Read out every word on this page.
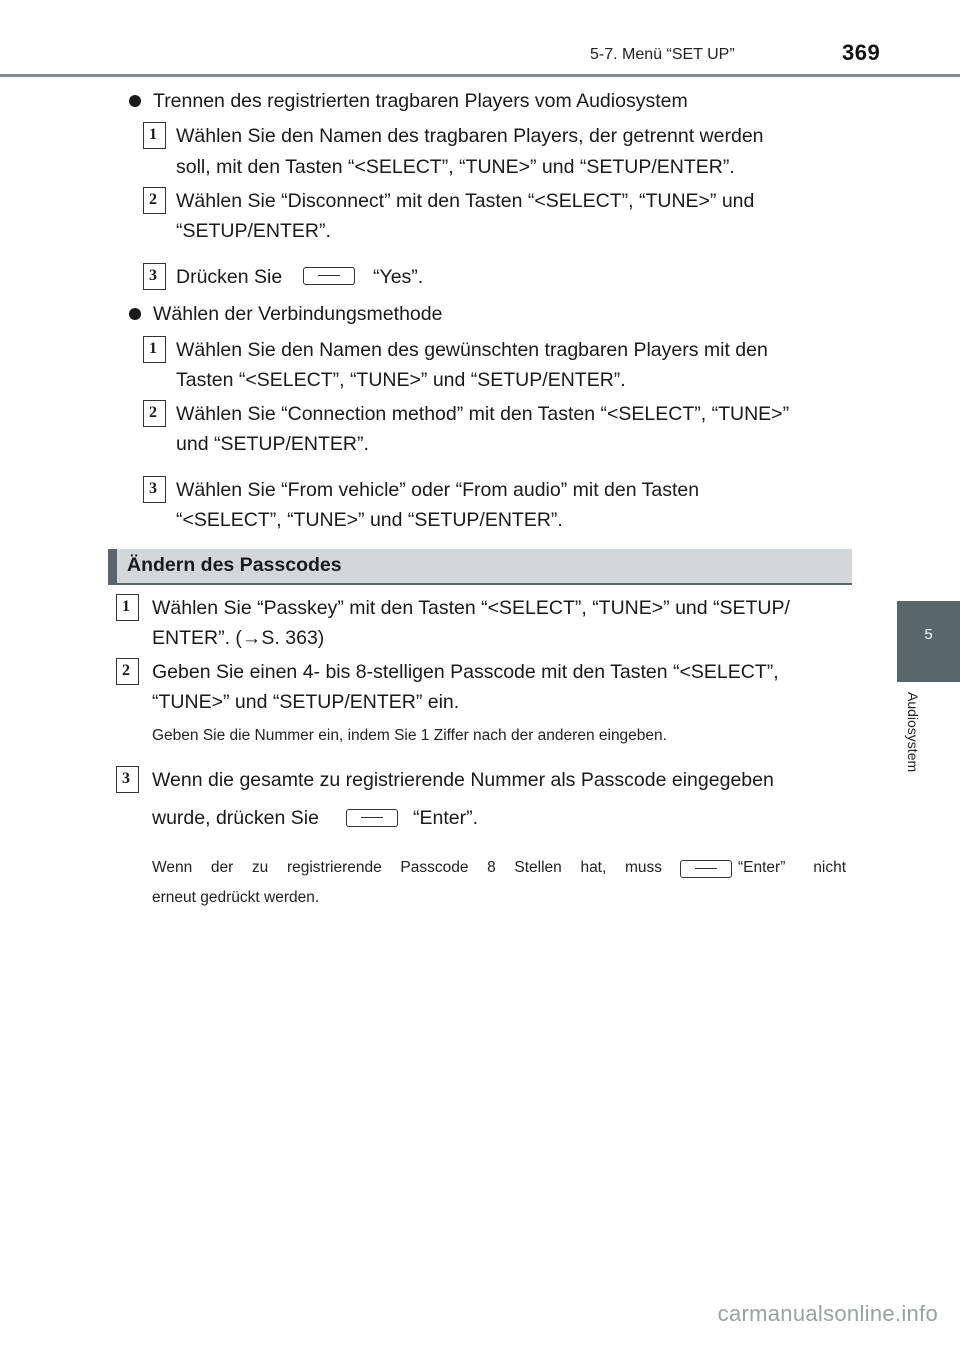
5-7. Menü “SET UP”	369
5
Audiosystem
Trennen des registrierten tragbaren Players vom Audiosystem
1 Wählen Sie den Namen des tragbaren Players, der getrennt werden
soll, mit den Tasten “<SELECT”, “TUNE>” und “SETUP/ENTER”.
2 Wählen Sie “Disconnect” mit den Tasten “<SELECT”, “TUNE>” und
“SETUP/ENTER”.
3 Drücken Sie	“Yes”.
Wählen der Verbindungsmethode
1 Wählen Sie den Namen des gewünschten tragbaren Players mit den
Tasten “<SELECT”, “TUNE>” und “SETUP/ENTER”.
2 Wählen Sie “Connection method” mit den Tasten “<SELECT”, “TUNE>”
und “SETUP/ENTER”.
3 Wählen Sie “From vehicle” oder “From audio” mit den Tasten
“<SELECT”, “TUNE>” und “SETUP/ENTER”.
Ändern des Passcodes
1	Wählen Sie “Passkey” mit den Tasten “<SELECT”, “TUNE>” und “SETUP/
ENTER”. (→S. 363)
2	Geben Sie einen 4- bis 8-stelligen Passcode mit den Tasten “<SELECT”,
“TUNE>” und “SETUP/ENTER” ein.
Geben Sie die Nummer ein, indem Sie 1 Ziffer nach der anderen eingeben.
3	Wenn die gesamte zu registrierende Nummer als Passcode eingegeben
wurde, drücken Sie	“Enter”.
Wenn der zu registrierende Passcode 8 Stellen hat, muss	“Enter” nicht
erneut gedrückt werden.
carmanualsonline.info
